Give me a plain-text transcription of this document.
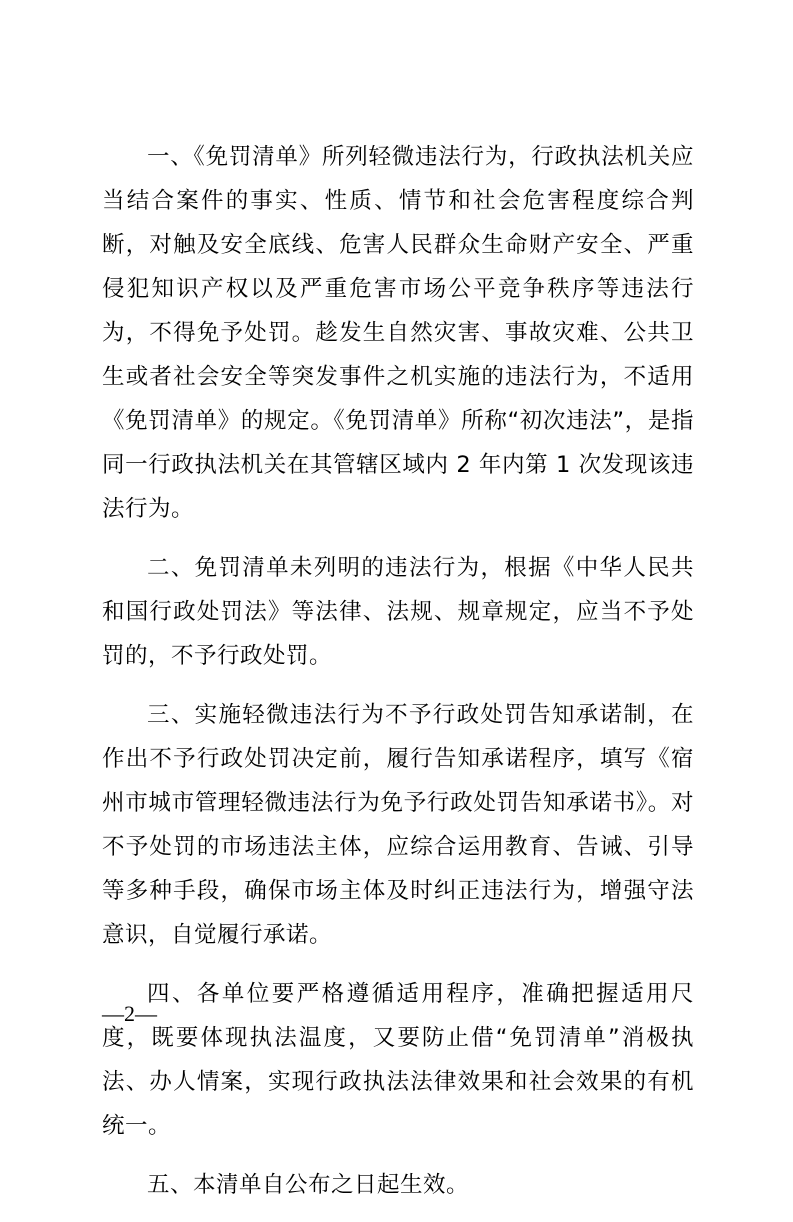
一、《免罚清单》所列轻微违法行为，行政执法机关应当结合案件的事实、性质、情节和社会危害程度综合判断，对触及安全底线、危害人民群众生命财产安全、严重侵犯知识产权以及严重危害市场公平竞争秩序等违法行为，不得免予处罚。趁发生自然灾害、事故灾难、公共卫生或者社会安全等突发事件之机实施的违法行为，不适用《免罚清单》的规定。《免罚清单》所称“初次违法”，是指同一行政执法机关在其管辖区域内 2 年内第 1 次发现该违法行为。

二、免罚清单未列明的违法行为，根据《中华人民共和国行政处罚法》等法律、法规、规章规定，应当不予处罚的，不予行政处罚。

三、实施轻微违法行为不予行政处罚告知承诺制，在作出不予行政处罚决定前，履行告知承诺程序，填写《宿州市城市管理轻微违法行为免予行政处罚告知承诺书》。对不予处罚的市场违法主体，应综合运用教育、告诫、引导等多种手段，确保市场主体及时纠正违法行为，增强守法意识，自觉履行承诺。

四、各单位要严格遵循适用程序，准确把握适用尺度，既要体现执法温度，又要防止借“免罚清单”消极执法、办人情案，实现行政执法法律效果和社会效果的有机统一。

五、本清单自公布之日起生效。

—2—
